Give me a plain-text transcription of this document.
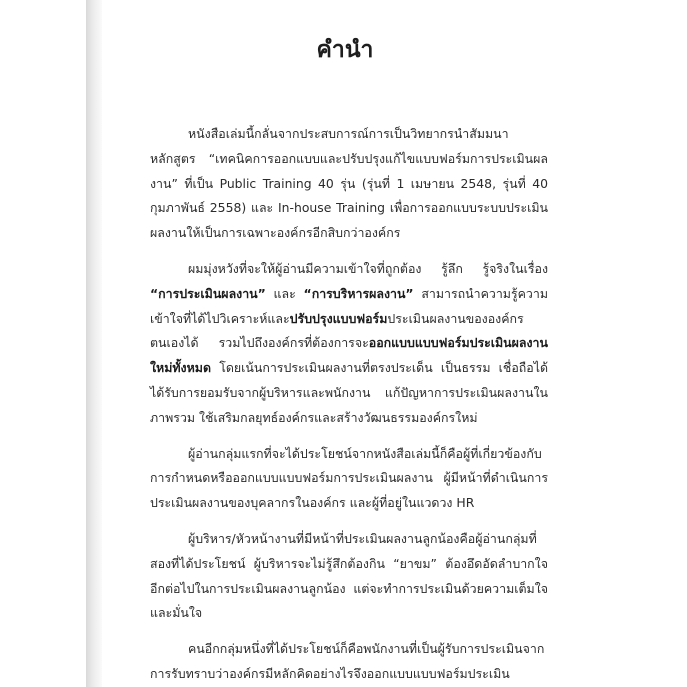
คำนำ

หนังสือเล่มนี้กลั่นจากประสบการณ์การเป็นวิทยากรนำสัมมนาหลักสูตร “เทคนิคการออกแบบและปรับปรุงแก้ไขแบบฟอร์มการประเมินผลงาน” ที่เป็น Public Training 40 รุ่น (รุ่นที่ 1 เมษายน 2548, รุ่นที่ 40 กุมภาพันธ์ 2558) และ In-house Training เพื่อการออกแบบระบบประเมินผลงานให้เป็นการเฉพาะองค์กรอีกสิบกว่าองค์กร

ผมมุ่งหวังที่จะให้ผู้อ่านมีความเข้าใจที่ถูกต้อง รู้ลึก รู้จริงในเรื่อง “การประเมินผลงาน” และ “การบริหารผลงาน” สามารถนำความรู้ความเข้าใจที่ได้ไปวิเคราะห์และปรับปรุงแบบฟอร์มประเมินผลงานขององค์กรตนเองได้ รวมไปถึงองค์กรที่ต้องการจะออกแบบแบบฟอร์มประเมินผลงานใหม่ทั้งหมด โดยเน้นการประเมินผลงานที่ตรงประเด็น เป็นธรรม เชื่อถือได้ ได้รับการยอมรับจากผู้บริหารและพนักงาน แก้ปัญหาการประเมินผลงานในภาพรวม ใช้เสริมกลยุทธ์องค์กรและสร้างวัฒนธรรมองค์กรใหม่

ผู้อ่านกลุ่มแรกที่จะได้ประโยชน์จากหนังสือเล่มนี้ก็คือผู้ที่เกี่ยวข้องกับการกำหนดหรือออกแบบแบบฟอร์มการประเมินผลงาน ผู้มีหน้าที่ดำเนินการประเมินผลงานของบุคลากรในองค์กร และผู้ที่อยู่ในแวดวง HR

ผู้บริหาร/หัวหน้างานที่มีหน้าที่ประเมินผลงานลูกน้องคือผู้อ่านกลุ่มที่สองที่ได้ประโยชน์ ผู้บริหารจะไม่รู้สึกต้องกิน “ยาขม” ต้องอึดอัดลำบากใจอีกต่อไปในการประเมินผลงานลูกน้อง แต่จะทำการประเมินด้วยความเต็มใจและมั่นใจ

คนอีกกลุ่มหนึ่งที่ได้ประโยชน์ก็คือพนักงานที่เป็นผู้รับการประเมินจากการรับทราบว่าองค์กรมีหลักคิดอย่างไรจึงออกแบบแบบฟอร์มประเมิน
